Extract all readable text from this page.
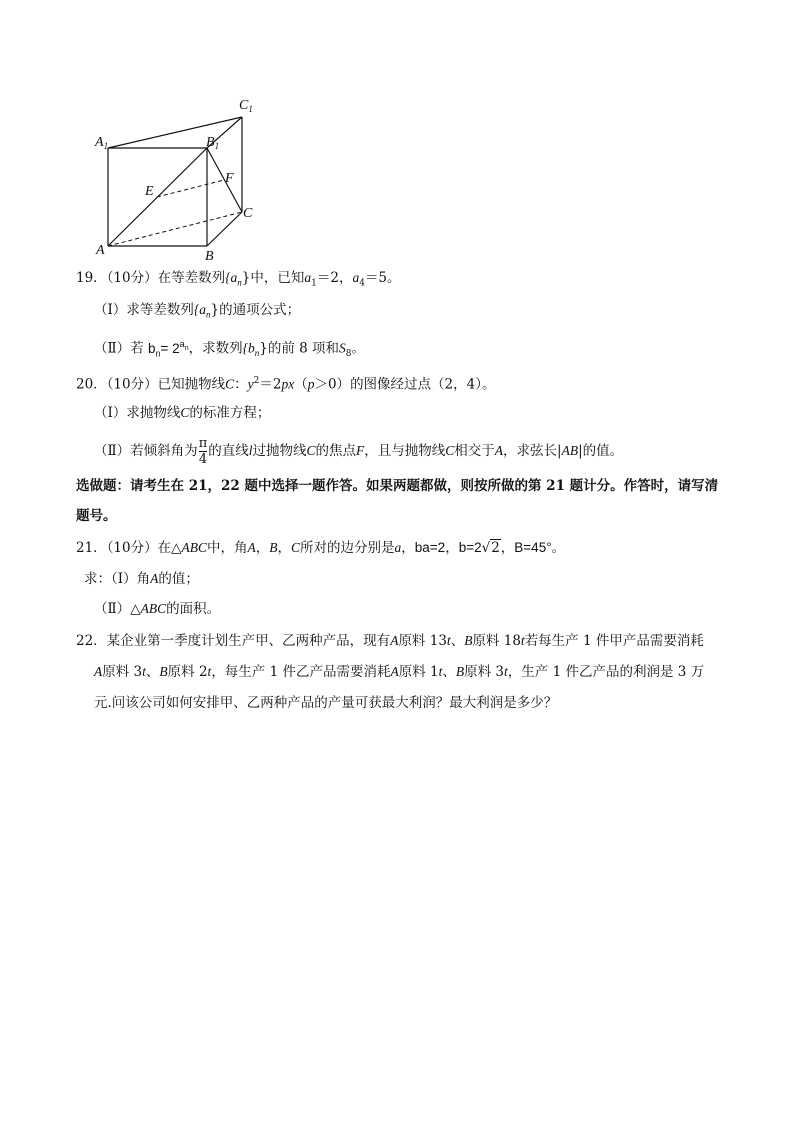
$A_1$	$B_1$
$C_1$
E
F
C
A	B
19．（10分）在等差数列$\{a_n\}$中，已知$a_1=2$，$a_4=5$。
（Ⅰ）求等差数列$\{a_n\}$的通项公式；
（Ⅱ）若 $b_n= 2^{a_n}$，求数列$\{b_n\}$的前 8 项和$S_8$。
20．（10分）已知抛物线C：$y^2=2px(p>0)$的图像经过点（2，4）。
（Ⅰ）求抛物线C的标准方程；
（Ⅱ）若倾斜角为 $\frac{\pi}{4}$ 的直线l过抛物线C的焦点F，且与抛物线C相交于A，求弦长|AB|的值。
选做题：请考生在 21，22 题中选择一题作答。如果两题都做，则按所做的第 21 题计分。作答时，请写清
题号。
21．（10分）在△ABC中，角A，B，C所对的边分别是a，ba=2，b=2√2，B=45°。
求：（Ⅰ）角A的值；
（Ⅱ）△ABC的面积。
22．某企业第一季度计划生产甲、乙两种产品，现有A原料 13t、B原料 18t若每生产 1 件甲产品需要消耗
A原料 3t、B原料 2t，每生产 1 件乙产品需要消耗A原料 1t、B原料 3t，生产 1 件乙产品的利润是 3 万
元.问该公司如何安排甲、乙两种产品的产量可获最大利润？最大利润是多少？
